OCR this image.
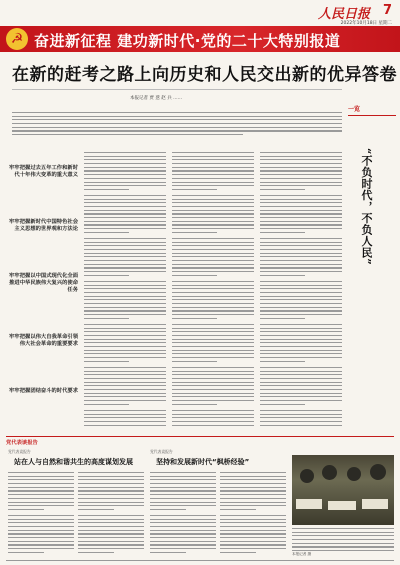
人民日报 7
2022年10月18日 星期二
☭ 奋进新征程 建功新时代·党的二十大特别报道
在新的赶考之路上向历史和人民交出新的优异答卷
本报记者 贾 葱 赵 兵 ……
牢牢把握过去五年工作和新时代十年伟大变革的重大意义
牢牢把握新时代中国特色社会主义思想的世界观和方法论
牢牢把握以中国式现代化全面推进中华民族伟大复兴的使命任务
牢牢把握以伟大自我革命引领伟大社会革命的重要要求
牢牢把握团结奋斗的时代要求
一览
“不负时代，不负人民”
党代表谈报告
党代表谈报告
站在人与自然和谐共生的高度谋划发展
党代表谈报告
坚持和发展新时代“枫桥经验”
本报记者 摄
